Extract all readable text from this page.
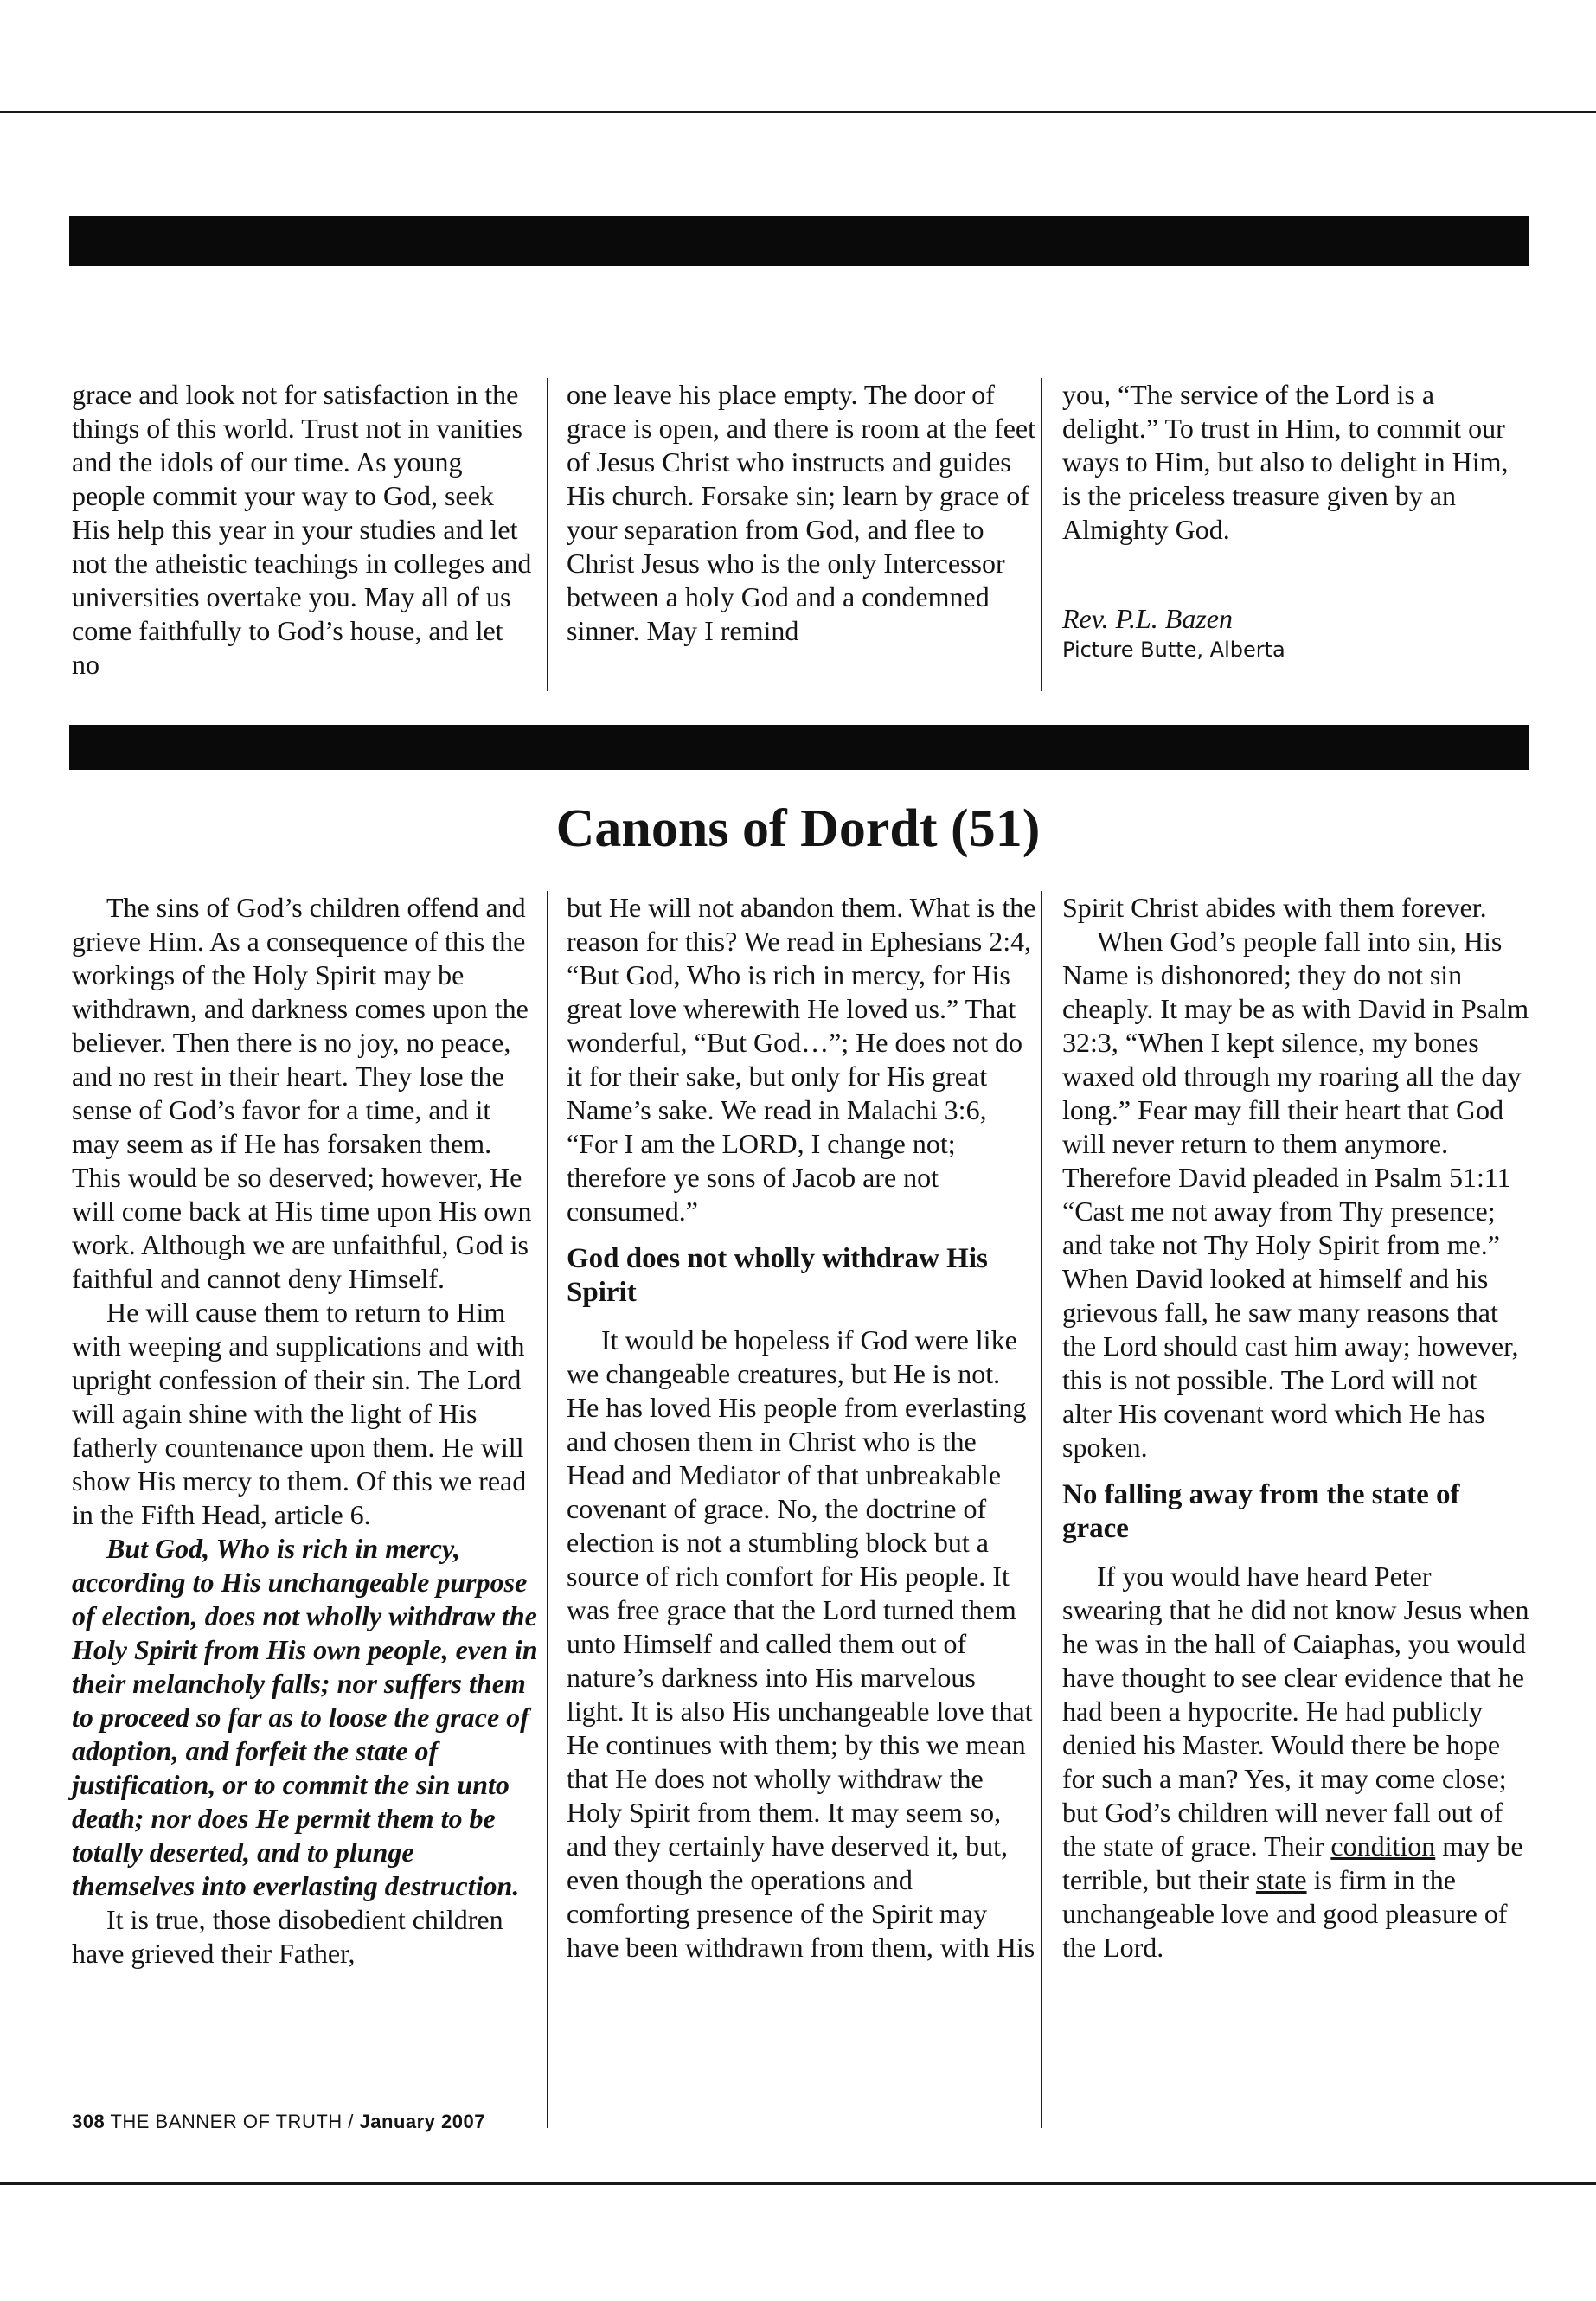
grace and look not for satisfaction in the things of this world. Trust not in vanities and the idols of our time. As young people commit your way to God, seek His help this year in your studies and let not the atheistic teachings in colleges and universities overtake you. May all of us come faithfully to God’s house, and let no

one leave his place empty. The door of grace is open, and there is room at the feet of Jesus Christ who instructs and guides His church. Forsake sin; learn by grace of your separation from God, and flee to Christ Jesus who is the only Intercessor between a holy God and a condemned sinner. May I remind

you, “The service of the Lord is a delight.” To trust in Him, to commit our ways to Him, but also to delight in Him, is the priceless treasure given by an Almighty God.

Rev. P.L. Bazen

Picture Butte, Alberta

Canons of Dordt (51)

The sins of God’s children offend and grieve Him. As a consequence of this the workings of the Holy Spirit may be withdrawn, and darkness comes upon the believer. Then there is no joy, no peace, and no rest in their heart. They lose the sense of God’s favor for a time, and it may seem as if He has forsaken them. This would be so deserved; however, He will come back at His time upon His own work. Although we are unfaithful, God is faithful and cannot deny Himself.

He will cause them to return to Him with weeping and supplications and with upright confession of their sin. The Lord will again shine with the light of His fatherly countenance upon them. He will show His mercy to them. Of this we read in the Fifth Head, article 6.

But God, Who is rich in mercy, according to His unchangeable purpose of election, does not wholly withdraw the Holy Spirit from His own people, even in their melancholy falls; nor suffers them to proceed so far as to loose the grace of adoption, and forfeit the state of justification, or to commit the sin unto death; nor does He permit them to be totally deserted, and to plunge themselves into everlasting destruction.

It is true, those disobedient children have grieved their Father,

but He will not abandon them. What is the reason for this? We read in Ephesians 2:4, “But God, Who is rich in mercy, for His great love wherewith He loved us.” That wonderful, “But God…”; He does not do it for their sake, but only for His great Name’s sake. We read in Malachi 3:6, “For I am the LORD, I change not; therefore ye sons of Jacob are not consumed.”

God does not wholly withdraw His Spirit

It would be hopeless if God were like we changeable creatures, but He is not. He has loved His people from everlasting and chosen them in Christ who is the Head and Mediator of that unbreakable covenant of grace. No, the doctrine of election is not a stumbling block but a source of rich comfort for His people. It was free grace that the Lord turned them unto Himself and called them out of nature’s darkness into His marvelous light. It is also His unchangeable love that He continues with them; by this we mean that He does not wholly withdraw the Holy Spirit from them. It may seem so, and they certainly have deserved it, but, even though the operations and comforting presence of the Spirit may have been withdrawn from them, with His

Spirit Christ abides with them forever.

When God’s people fall into sin, His Name is dishonored; they do not sin cheaply. It may be as with David in Psalm 32:3, “When I kept silence, my bones waxed old through my roaring all the day long.” Fear may fill their heart that God will never return to them anymore. Therefore David pleaded in Psalm 51:11 “Cast me not away from Thy presence; and take not Thy Holy Spirit from me.” When David looked at himself and his grievous fall, he saw many reasons that the Lord should cast him away; however, this is not possible. The Lord will not alter His covenant word which He has spoken.

No falling away from the state of grace

If you would have heard Peter swearing that he did not know Jesus when he was in the hall of Caiaphas, you would have thought to see clear evidence that he had been a hypocrite. He had publicly denied his Master. Would there be hope for such a man? Yes, it may come close; but God’s children will never fall out of the state of grace. Their condition may be terrible, but their state is firm in the unchangeable love and good pleasure of the Lord.

308 THE BANNER OF TRUTH / January 2007
